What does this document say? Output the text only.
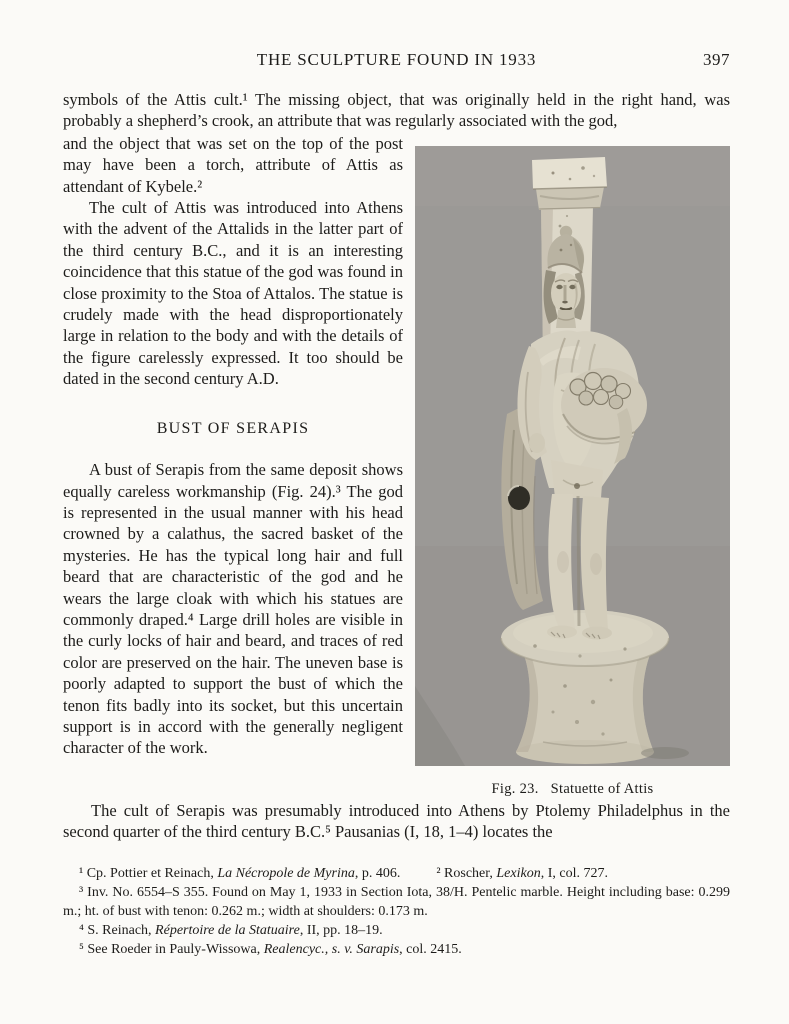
THE SCULPTURE FOUND IN 1933	397
symbols of the Attis cult.¹ The missing object, that was originally held in the right hand, was probably a shepherd’s crook, an attribute that was regularly associated with the god,

and the object that was set on the top of the post may have been a torch, attribute of Attis as attendant of Kybele.²

The cult of Attis was introduced into Athens with the advent of the Attalids in the latter part of the third century B.C., and it is an interesting coincidence that this statue of the god was found in close proximity to the Stoa of Attalos. The statue is crudely made with the head disproportionately large in relation to the body and with the details of the figure carelessly expressed. It too should be dated in the second century A.D.

BUST OF SERAPIS

A bust of Serapis from the same deposit shows equally careless workmanship (Fig. 24).³ The god is represented in the usual manner with his head crowned by a calathus, the sacred basket of the mysteries. He has the typical long hair and full beard that are characteristic of the god and he wears the large cloak with which his statues are commonly draped.⁴ Large drill holes are visible in the curly locks of hair and beard, and traces of red color are preserved on the hair. The uneven base is poorly adapted to support the bust of which the tenon fits badly into its socket, but this uncertain support is in accord with the generally negligent character of the work.

Fig. 23. Statuette of Attis

The cult of Serapis was presumably introduced into Athens by Ptolemy Philadelphus in the second quarter of the third century B.C.⁵ Pausanias (I, 18, 1–4) locates the

¹ Cp. Pottier et Reinach, La Nécropole de Myrina, p. 406.	² Roscher, Lexikon, I, col. 727.

³ Inv. No. 6554–S 355. Found on May 1, 1933 in Section Iota, 38/H. Pentelic marble. Height including base: 0.299 m.; ht. of bust with tenon: 0.262 m.; width at shoulders: 0.173 m.

⁴ S. Reinach, Répertoire de la Statuaire, II, pp. 18–19.

⁵ See Roeder in Pauly-Wissowa, Realencyc., s. v. Sarapis, col. 2415.
